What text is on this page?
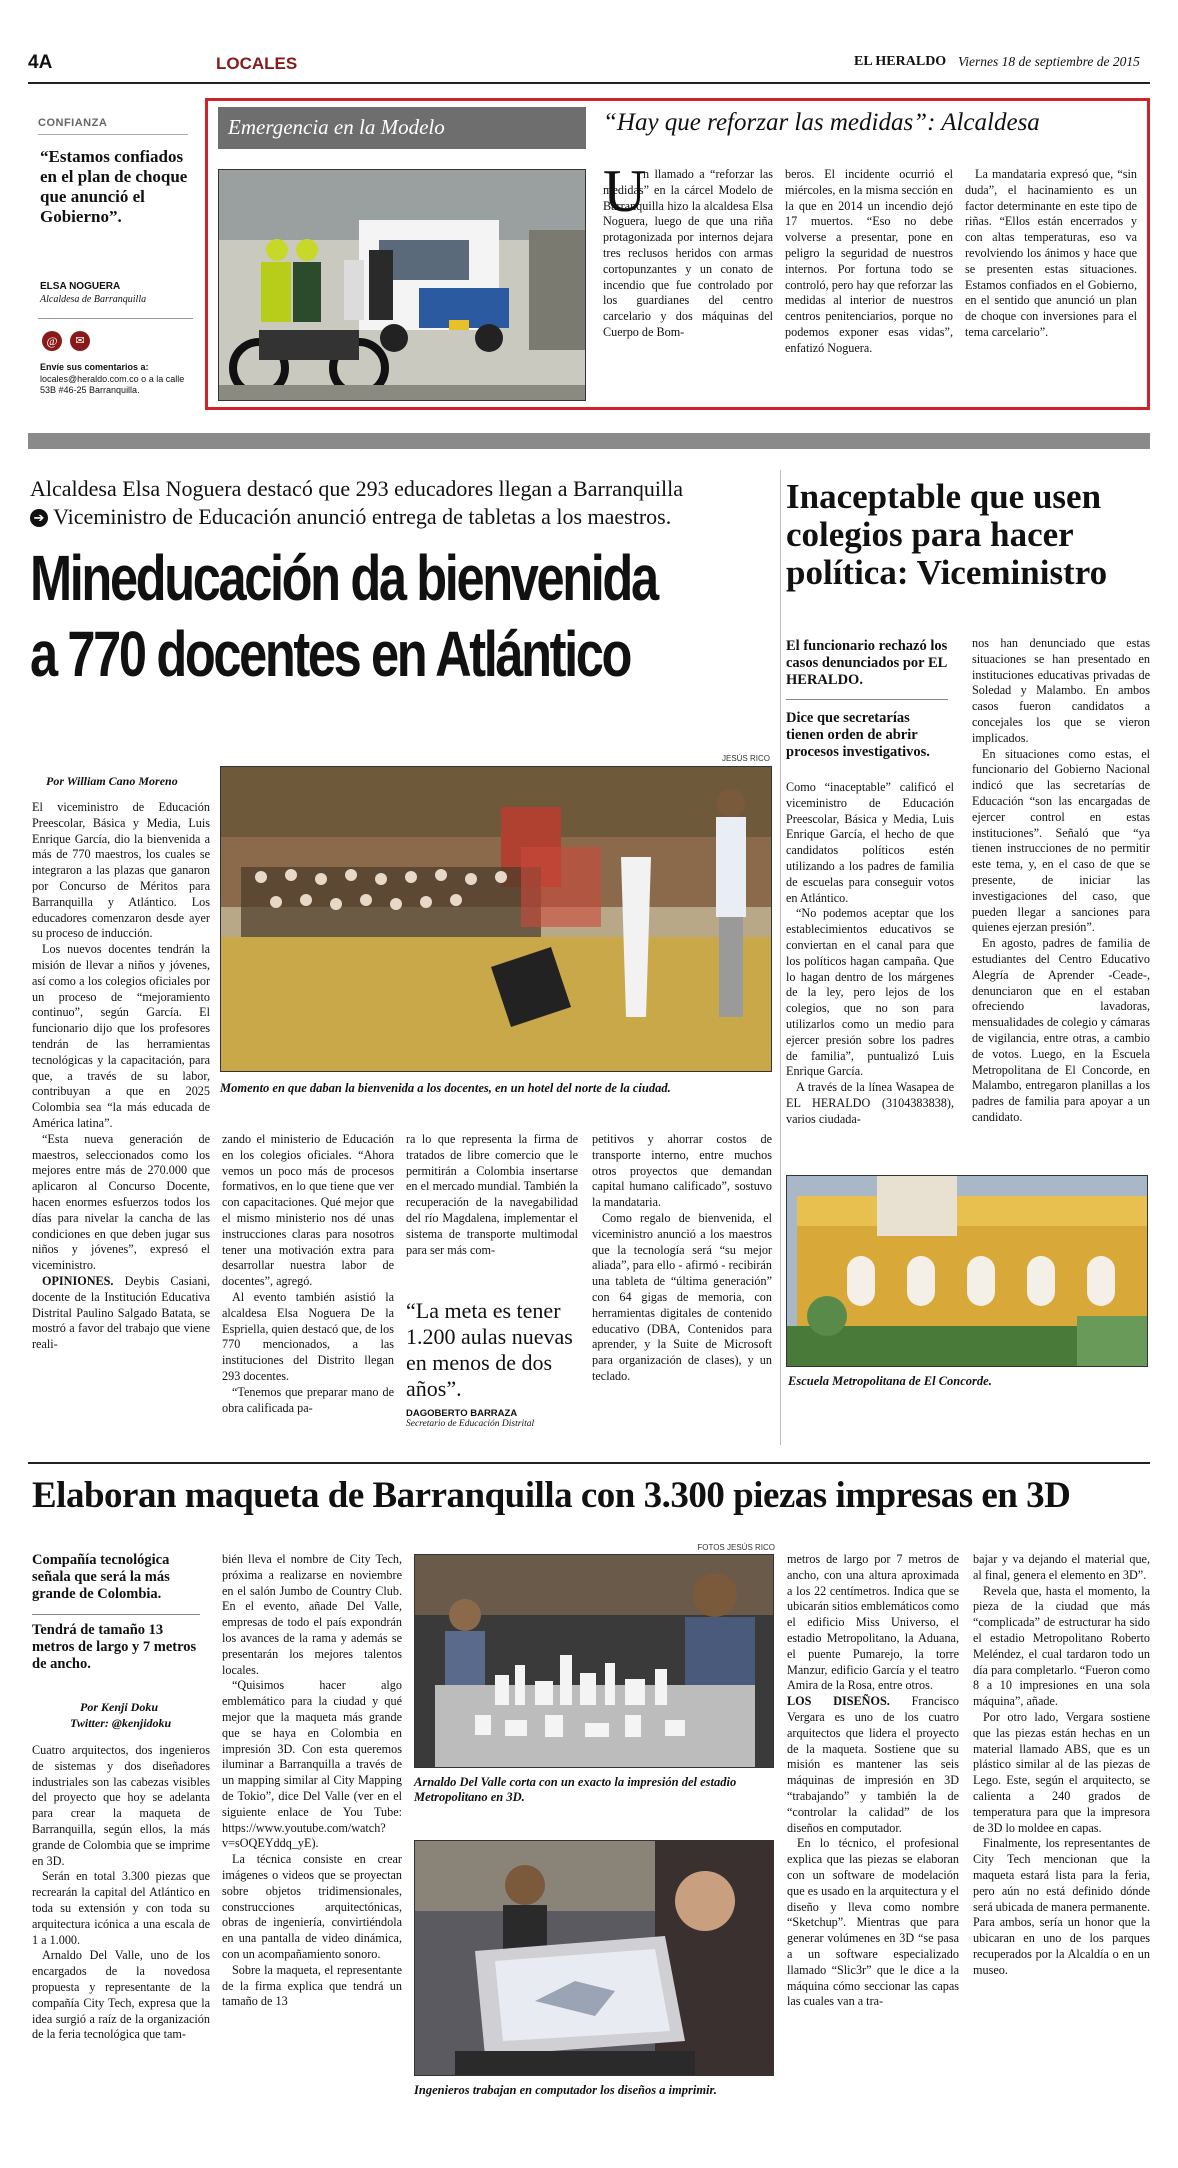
4A	LOCALES	EL HERALDO Viernes 18 de septiembre de 2015
CONFIANZA
“Estamos confiados en el plan de choque que anunció el Gobierno”.
ELSA NOGUERA
Alcaldesa de Barranquilla
@	✉
Envíe sus comentarios a:
locales@heraldo.com.co o a la calle 53B #46-25 Barranquilla.
Emergencia en la Modelo	“Hay que reforzar las medidas”: Alcaldesa
U

n llamado a “reforzar las medidas” en la cárcel Modelo de Barranquilla hizo la alcaldesa Elsa Noguera, luego de que una riña protagonizada por internos dejara tres reclusos heridos con armas cortopunzantes y un conato de incendio que fue controlado por los guardianes del centro carcelario y dos máquinas del Cuerpo de Bom-

beros. El incidente ocurrió el miércoles, en la misma sección en la que en 2014 un incendio dejó 17 muertos. “Eso no debe volverse a presentar, pone en peligro la seguridad de nuestros internos. Por fortuna todo se controló, pero hay que reforzar las medidas al interior de nuestros centros penitenciarios, porque no podemos exponer esas vidas”, enfatizó Noguera.

La mandataria expresó que, “sin duda”, el hacinamiento es un factor determinante en este tipo de riñas. “Ellos están encerrados y con altas temperaturas, eso va revolviendo los ánimos y hace que se presenten estas situaciones. Estamos confiados en el Gobierno, en el sentido que anunció un plan de choque con inversiones para el tema carcelario”.

Alcaldesa Elsa Noguera destacó que 293 educadores llegan a Barranquilla
➔ Viceministro de Educación anunció entrega de tabletas a los maestros.
Mineducación da bienvenida
a 770 docentes en Atlántico
JESÚS RICO
Momento en que daban la bienvenida a los docentes, en un hotel del norte de la ciudad.
Por William Cano Moreno

El viceministro de Educación Preescolar, Básica y Media, Luis Enrique García, dio la bienvenida a más de 770 maestros, los cuales se integraron a las plazas que ganaron por Concurso de Méritos para Barranquilla y Atlántico. Los educadores comenzaron desde ayer su proceso de inducción.

Los nuevos docentes tendrán la misión de llevar a niños y jóvenes, así como a los colegios oficiales por un proceso de “mejoramiento continuo”, según García. El funcionario dijo que los profesores tendrán de las herramientas tecnológicas y la capacitación, para que, a través de su labor, contribuyan a que en 2025 Colombia sea “la más educada de América latina”.

“Esta nueva generación de maestros, seleccionados como los mejores entre más de 270.000 que aplicaron al Concurso Docente, hacen enormes esfuerzos todos los días para nivelar la cancha de las condiciones en que deben jugar sus niños y jóvenes”, expresó el viceministro.

OPINIONES. Deybis Casiani, docente de la Institución Educativa Distrital Paulino Salgado Batata, se mostró a favor del trabajo que viene reali-

zando el ministerio de Educación en los colegios oficiales. “Ahora vemos un poco más de procesos formativos, en lo que tiene que ver con capacitaciones. Qué mejor que el mismo ministerio nos dé unas instrucciones claras para nosotros tener una motivación extra para desarrollar nuestra labor de docentes”, agregó.

Al evento también asistió la alcaldesa Elsa Noguera De la Espriella, quien destacó que, de los 770 mencionados, a las instituciones del Distrito llegan 293 docentes.

“Tenemos que preparar mano de obra calificada pa-

ra lo que representa la firma de tratados de libre comercio que le permitirán a Colombia insertarse en el mercado mundial. También la recuperación de la navegabilidad del río Magdalena, implementar el sistema de transporte multimodal para ser más com-

“La meta es tener 1.200 aulas nuevas en menos de dos años”.
DAGOBERTO BARRAZA
Secretario de Educación Distrital

petitivos y ahorrar costos de transporte interno, entre muchos otros proyectos que demandan capital humano calificado”, sostuvo la mandataria.

Como regalo de bienvenida, el viceministro anunció a los maestros que la tecnología será “su mejor aliada”, para ello - afirmó - recibirán una tableta de “última generación” con 64 gigas de memoria, con herramientas digitales de contenido educativo (DBA, Contenidos para aprender, y la Suite de Microsoft para organización de clases), y un teclado.

Inaceptable que usen colegios para hacer política: Viceministro
El funcionario rechazó los casos denunciados por EL HERALDO.
Dice que secretarías tienen orden de abrir procesos investigativos.

Como “inaceptable” calificó el viceministro de Educación Preescolar, Básica y Media, Luis Enrique García, el hecho de que candidatos políticos estén utilizando a los padres de familia de escuelas para conseguir votos en Atlántico.

“No podemos aceptar que los establecimientos educativos se conviertan en el canal para que los políticos hagan campaña. Que lo hagan dentro de los márgenes de la ley, pero lejos de los colegios, que no son para utilizarlos como un medio para ejercer presión sobre los padres de familia”, puntualizó Luis Enrique García.

A través de la línea Wasapea de EL HERALDO (3104383838), varios ciudada-

nos han denunciado que estas situaciones se han presentado en instituciones educativas privadas de Soledad y Malambo. En ambos casos fueron candidatos a concejales los que se vieron implicados.

En situaciones como estas, el funcionario del Gobierno Nacional indicó que las secretarías de Educación “son las encargadas de ejercer control en estas instituciones”. Señaló que “ya tienen instrucciones de no permitir este tema, y, en el caso de que se presente, de iniciar las investigaciones del caso, que pueden llegar a sanciones para quienes ejerzan presión”.

En agosto, padres de familia de estudiantes del Centro Educativo Alegría de Aprender -Ceade-, denunciaron que en el estaban ofreciendo lavadoras, mensualidades de colegio y cámaras de vigilancia, entre otras, a cambio de votos. Luego, en la Escuela Metropolitana de El Concorde, en Malambo, entregaron planillas a los padres de familia para apoyar a un candidato.

Escuela Metropolitana de El Concorde.
Elaboran maqueta de Barranquilla con 3.300 piezas impresas en 3D
Compañía tecnológica señala que será la más grande de Colombia.
Tendrá de tamaño 13 metros de largo y 7 metros de ancho.
Por Kenji Doku
Twitter: @kenjidoku

Cuatro arquitectos, dos ingenieros de sistemas y dos diseñadores industriales son las cabezas visibles del proyecto que hoy se adelanta para crear la maqueta de Barranquilla, según ellos, la más grande de Colombia que se imprime en 3D.

Serán en total 3.300 piezas que recrearán la capital del Atlántico en toda su extensión y con toda su arquitectura icónica a una escala de 1 a 1.000.

Arnaldo Del Valle, uno de los encargados de la novedosa propuesta y representante de la compañía City Tech, expresa que la idea surgió a raíz de la organización de la feria tecnológica que tam-

bién lleva el nombre de City Tech, próxima a realizarse en noviembre en el salón Jumbo de Country Club. En el evento, añade Del Valle, empresas de todo el país expondrán los avances de la rama y además se presentarán los mejores talentos locales.

“Quisimos hacer algo emblemático para la ciudad y qué mejor que la maqueta más grande que se haya en Colombia en impresión 3D. Con esta queremos iluminar a Barranquilla a través de un mapping similar al City Mapping de Tokio”, dice Del Valle (ver en el siguiente enlace de You Tube: https://www.youtube.com/watch?v=sOQEYddq_yE).

La técnica consiste en crear imágenes o videos que se proyectan sobre objetos tridimensionales, construcciones arquitectónicas, obras de ingeniería, convirtiéndola en una pantalla de video dinámica, con un acompañamiento sonoro.

Sobre la maqueta, el representante de la firma explica que tendrá un tamaño de 13

FOTOS JESÚS RICO
Arnaldo Del Valle corta con un exacto la impresión del estadio Metropolitano en 3D.
Ingenieros trabajan en computador los diseños a imprimir.

metros de largo por 7 metros de ancho, con una altura aproximada a los 22 centímetros. Indica que se ubicarán sitios emblemáticos como el edificio Miss Universo, el estadio Metropolitano, la Aduana, el puente Pumarejo, la torre Manzur, edificio García y el teatro Amira de la Rosa, entre otros.

LOS DISEÑOS. Francisco Vergara es uno de los cuatro arquitectos que lidera el proyecto de la maqueta. Sostiene que su misión es mantener las seis máquinas de impresión en 3D “trabajando” y también la de “controlar la calidad” de los diseños en computador.

En lo técnico, el profesional explica que las piezas se elaboran con un software de modelación que es usado en la arquitectura y el diseño y lleva como nombre “Sketchup”. Mientras que para generar volúmenes en 3D “se pasa a un software especializado llamado “Slic3r” que le dice a la máquina cómo seccionar las capas las cuales van a tra-

bajar y va dejando el material que, al final, genera el elemento en 3D”.

Revela que, hasta el momento, la pieza de la ciudad que más “complicada” de estructurar ha sido el estadio Metropolitano Roberto Meléndez, el cual tardaron todo un día para completarlo. “Fueron como 8 a 10 impresiones en una sola máquina”, añade.

Por otro lado, Vergara sostiene que las piezas están hechas en un material llamado ABS, que es un plástico similar al de las piezas de Lego. Este, según el arquitecto, se calienta a 240 grados de temperatura para que la impresora de 3D lo moldee en capas.

Finalmente, los representantes de City Tech mencionan que la maqueta estará lista para la feria, pero aún no está definido dónde será ubicada de manera permanente. Para ambos, sería un honor que la ubicaran en uno de los parques recuperados por la Alcaldía o en un museo.
